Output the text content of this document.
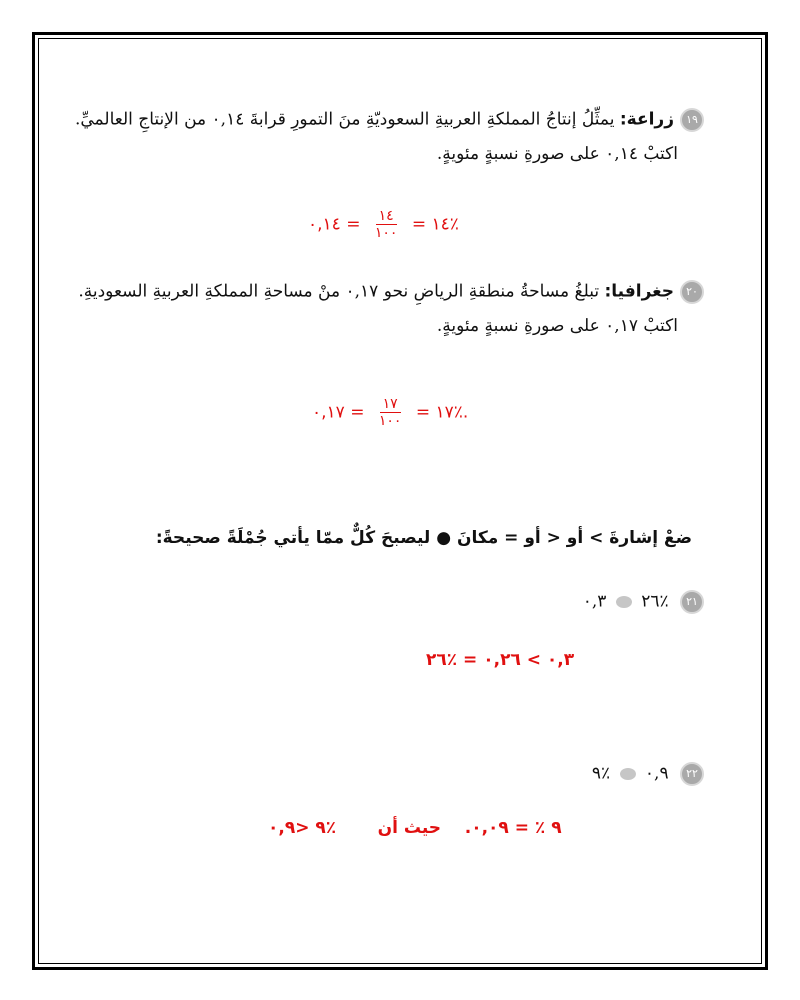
١٩زراعة: يمثِّلُ إنتاجُ المملكةِ العربيةِ السعوديّةِ منَ التمورِ قرابةَ ٠,١٤ من الإنتاجِ العالميِّ.
اكتبْ ٠,١٤ على صورةِ نسبةٍ مئويةٍ.
٪١٤ =
$\frac{١٤}{١٠٠}$
= ٠,١٤
٢٠جغرافيا: تبلغُ مساحةُ منطقةِ الرياضِ نحو ٠,١٧ منْ مساحةِ المملكةِ العربيةِ السعوديةِ.
اكتبْ ٠,١٧ على صورةِ نسبةٍ مئويةٍ.
.٪١٧ =
$\frac{١٧}{١٠٠}$
= ٠,١٧
ضعْ إشارةَ > أو < أو = مكانَ ● ليصبحَ كُلٌّ ممّا يأتي جُمْلَةً صحيحةً:
٢١ ٪٢٦  ٠,٣
٠,٣ > ٠,٢٦ = ٪٢٦
٢٢ ٠,٩  ٪٩
٩ ٪ = ٠,٠٩.    حيث أن       ٪٩ <٠,٩
